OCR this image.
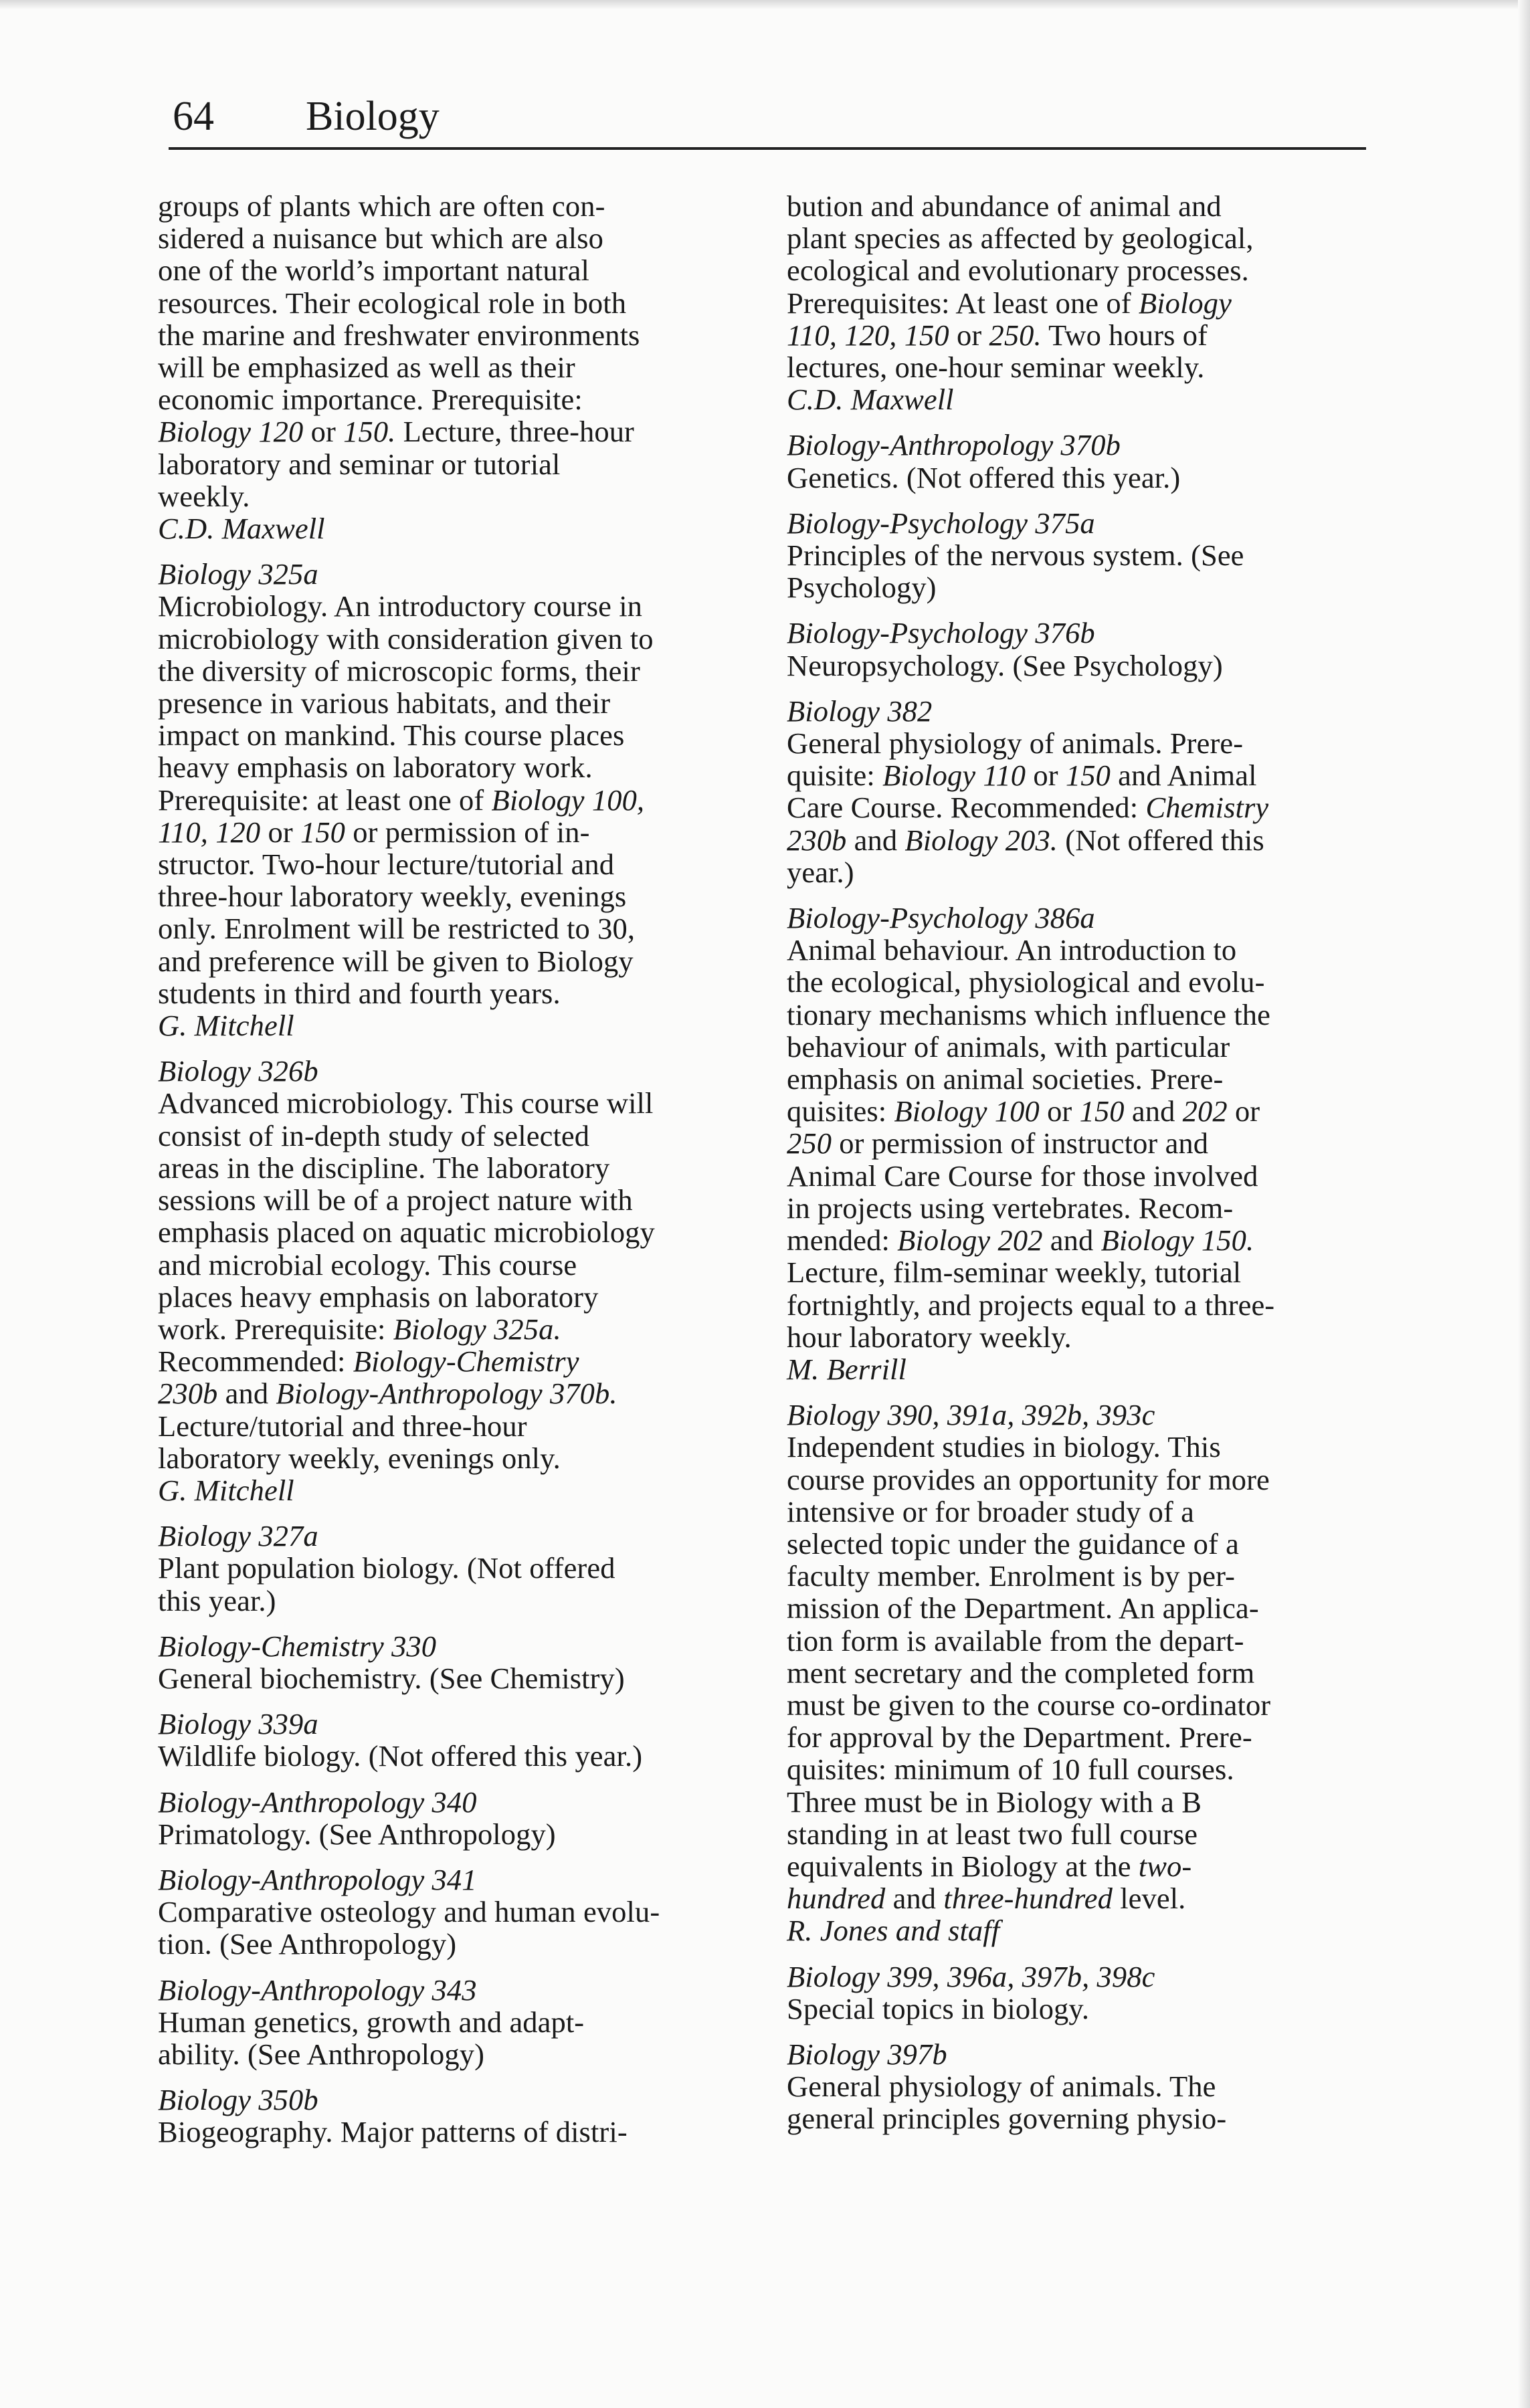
64 Biology
groups of plants which are often con-
sidered a nuisance but which are also
one of the world’s important natural
resources. Their ecological role in both
the marine and freshwater environments
will be emphasized as well as their
economic importance. Prerequisite:
Biology 120 or 150. Lecture, three-hour
laboratory and seminar or tutorial
weekly.
C.D. Maxwell
Biology 325a
Microbiology. An introductory course in
microbiology with consideration given to
the diversity of microscopic forms, their
presence in various habitats, and their
impact on mankind. This course places
heavy emphasis on laboratory work.
Prerequisite: at least one of Biology 100,
110, 120 or 150 or permission of in-
structor. Two-hour lecture/tutorial and
three-hour laboratory weekly, evenings
only. Enrolment will be restricted to 30,
and preference will be given to Biology
students in third and fourth years.
G. Mitchell
Biology 326b
Advanced microbiology. This course will
consist of in-depth study of selected
areas in the discipline. The laboratory
sessions will be of a project nature with
emphasis placed on aquatic microbiology
and microbial ecology. This course
places heavy emphasis on laboratory
work. Prerequisite: Biology 325a.
Recommended: Biology-Chemistry
230b and Biology-Anthropology 370b.
Lecture/tutorial and three-hour
laboratory weekly, evenings only.
G. Mitchell
Biology 327a
Plant population biology. (Not offered
this year.)
Biology-Chemistry 330
General biochemistry. (See Chemistry)
Biology 339a
Wildlife biology. (Not offered this year.)
Biology-Anthropology 340
Primatology. (See Anthropology)
Biology-Anthropology 341
Comparative osteology and human evolu-
tion. (See Anthropology)
Biology-Anthropology 343
Human genetics, growth and adapt-
ability. (See Anthropology)
Biology 350b
Biogeography. Major patterns of distri-
bution and abundance of animal and
plant species as affected by geological,
ecological and evolutionary processes.
Prerequisites: At least one of Biology
110, 120, 150 or 250. Two hours of
lectures, one-hour seminar weekly.
C.D. Maxwell
Biology-Anthropology 370b
Genetics. (Not offered this year.)
Biology-Psychology 375a
Principles of the nervous system. (See
Psychology)
Biology-Psychology 376b
Neuropsychology. (See Psychology)
Biology 382
General physiology of animals. Prere-
quisite: Biology 110 or 150 and Animal
Care Course. Recommended: Chemistry
230b and Biology 203. (Not offered this
year.)
Biology-Psychology 386a
Animal behaviour. An introduction to
the ecological, physiological and evolu-
tionary mechanisms which influence the
behaviour of animals, with particular
emphasis on animal societies. Prere-
quisites: Biology 100 or 150 and 202 or
250 or permission of instructor and
Animal Care Course for those involved
in projects using vertebrates. Recom-
mended: Biology 202 and Biology 150.
Lecture, film-seminar weekly, tutorial
fortnightly, and projects equal to a three-
hour laboratory weekly.
M. Berrill
Biology 390, 391a, 392b, 393c
Independent studies in biology. This
course provides an opportunity for more
intensive or for broader study of a
selected topic under the guidance of a
faculty member. Enrolment is by per-
mission of the Department. An applica-
tion form is available from the depart-
ment secretary and the completed form
must be given to the course co-ordinator
for approval by the Department. Prere-
quisites: minimum of 10 full courses.
Three must be in Biology with a B
standing in at least two full course
equivalents in Biology at the two-
hundred and three-hundred level.
R. Jones and staff
Biology 399, 396a, 397b, 398c
Special topics in biology.
Biology 397b
General physiology of animals. The
general principles governing physio-
